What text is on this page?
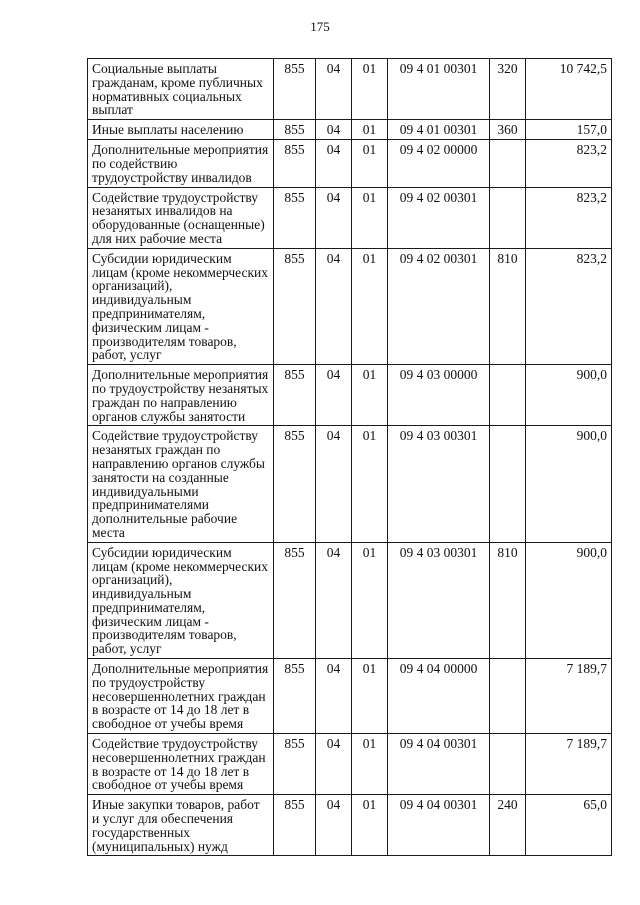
175
Социальные выплаты гражданам, кроме публичных нормативных социальных выплат	855	04	01	09 4 01 00301	320	10 742,5
Иные выплаты населению	855	04	01	09 4 01 00301	360	157,0
Дополнительные мероприятия по содействию трудоустройству инвалидов	855	04	01	09 4 02 00000		823,2
Содействие трудоустройству незанятых инвалидов на оборудованные (оснащенные) для них рабочие места	855	04	01	09 4 02 00301		823,2
Субсидии юридическим лицам (кроме некоммерческих организаций), индивидуальным предпринимателям, физическим лицам - производителям товаров, работ, услуг	855	04	01	09 4 02 00301	810	823,2
Дополнительные мероприятия по трудоустройству незанятых граждан по направлению органов службы занятости	855	04	01	09 4 03 00000		900,0
Содействие трудоустройству незанятых граждан по направлению органов службы занятости на созданные индивидуальными предпринимателями дополнительные рабочие места	855	04	01	09 4 03 00301		900,0
Субсидии юридическим лицам (кроме некоммерческих организаций), индивидуальным предпринимателям, физическим лицам - производителям товаров, работ, услуг	855	04	01	09 4 03 00301	810	900,0
Дополнительные мероприятия по трудоустройству несовершеннолетних граждан в возрасте от 14 до 18 лет в свободное от учебы время	855	04	01	09 4 04 00000		7 189,7
Содействие трудоустройству несовершеннолетних граждан в возрасте от 14 до 18 лет в свободное от учебы время	855	04	01	09 4 04 00301		7 189,7
Иные закупки товаров, работ и услуг для обеспечения государственных (муниципальных) нужд	855	04	01	09 4 04 00301	240	65,0
